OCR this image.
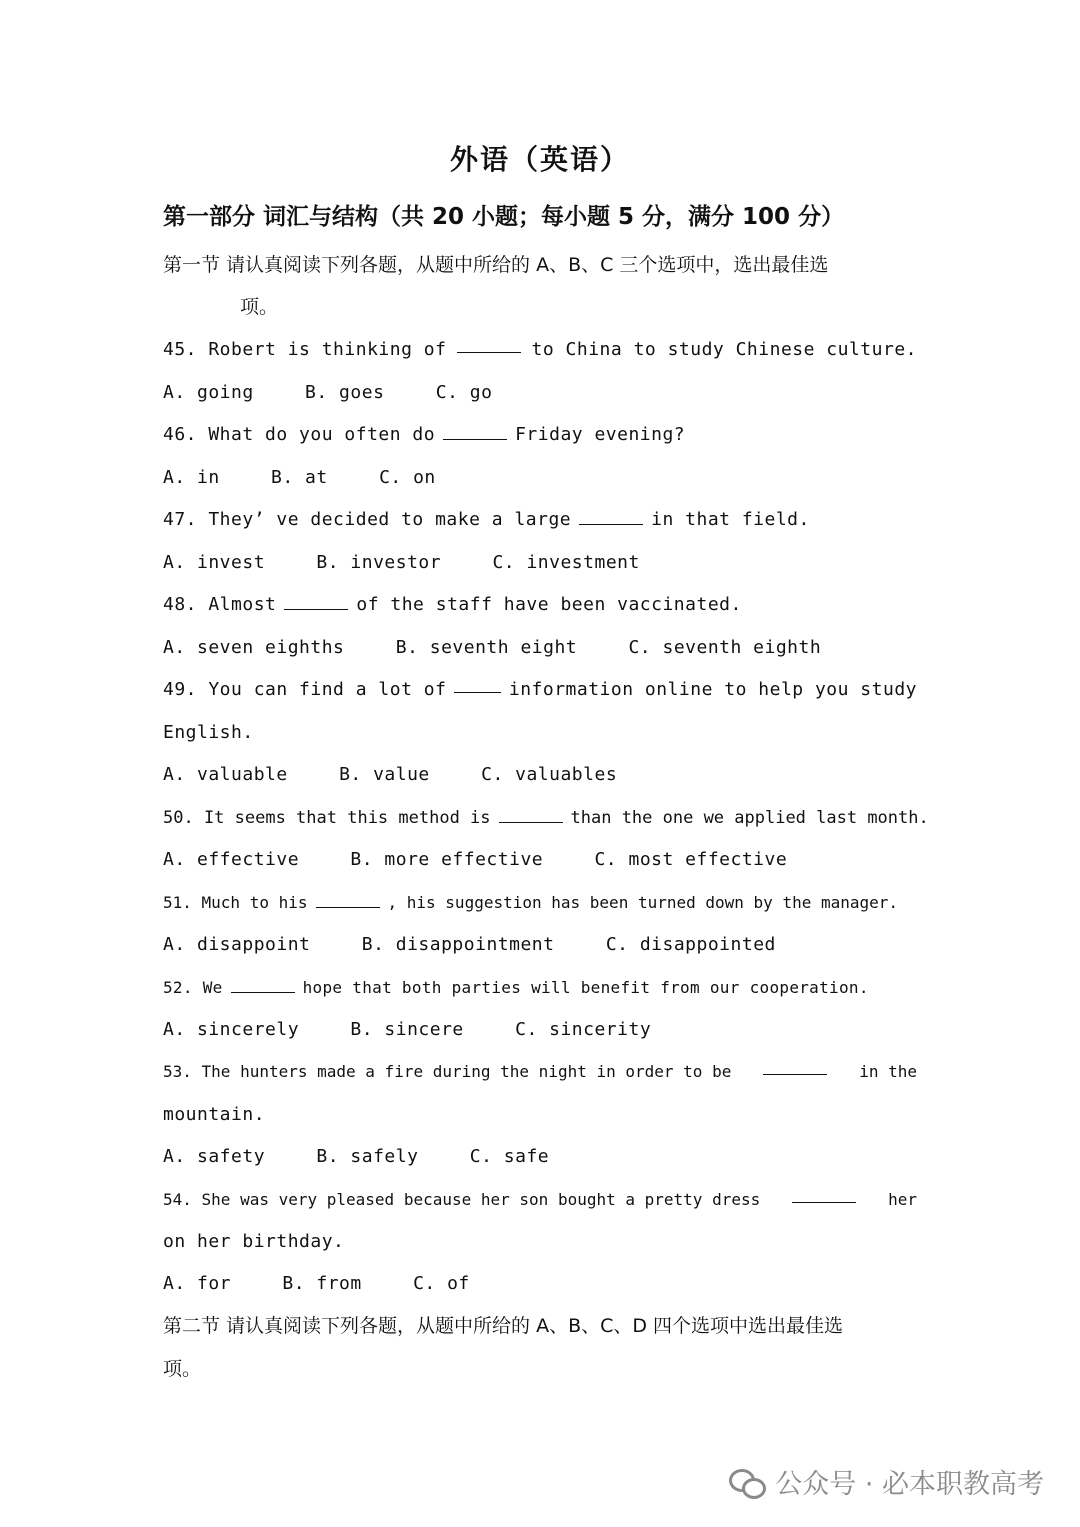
外语（英语）
第一部分 词汇与结构（共 20 小题；每小题 5 分，满分 100 分）
第一节 请认真阅读下列各题，从题中所给的 A、B、C 三个选项中，选出最佳选
项。
45. Robert is thinking of	to China to study Chinese culture.
A. going	B. goes	C. go
46. What do you often do	Friday evening?
A. in	B. at	C. on
47. They’ ve decided to make a large	in that field.
A. invest	B. investor	C. investment
48. Almost	of the staff have been vaccinated.
A. seven eighths	B. seventh eight	C. seventh eighth
49. You can find a lot of	information online to help you study
English.
A. valuable	B. value	C. valuables
50. It seems that this method is	than the one we applied last month.
A. effective	B. more effective	C. most effective
51. Much to his	, his suggestion has been turned down by the manager.
A. disappoint	B. disappointment	C. disappointed
52. We	hope that both parties will benefit from our cooperation.
A. sincerely	B. sincere	C. sincerity
53. The hunters made a fire during the night in order to be	in the
mountain.
A. safety	B. safely	C. safe
54. She was very pleased because her son bought a pretty dress	her
on her birthday.
A. for	B. from	C. of
第二节 请认真阅读下列各题，从题中所给的 A、B、C、D 四个选项中选出最佳选
项。
公众号 · 必本职教高考
